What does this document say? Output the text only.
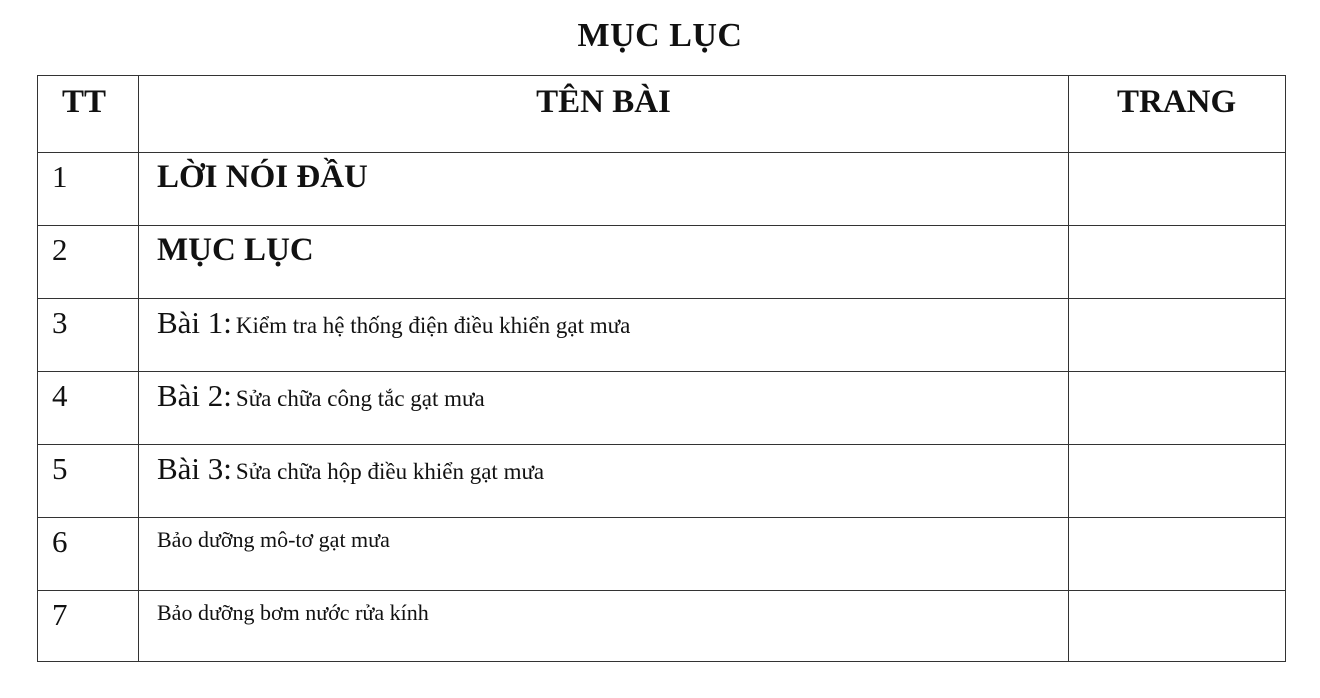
MỤC LỤC
TT	TÊN BÀI	TRANG

1	LỜI NÓI ĐẦU	

2	MỤC LỤC	

3	Bài 1: Kiểm tra hệ thống điện điều khiển gạt mưa	

4	Bài 2: Sửa chữa công tắc gạt mưa	

5	Bài 3: Sửa chữa hộp điều khiển gạt mưa	

6	Bảo dưỡng mô-tơ gạt mưa	

7	Bảo dưỡng bơm nước rửa kính	
